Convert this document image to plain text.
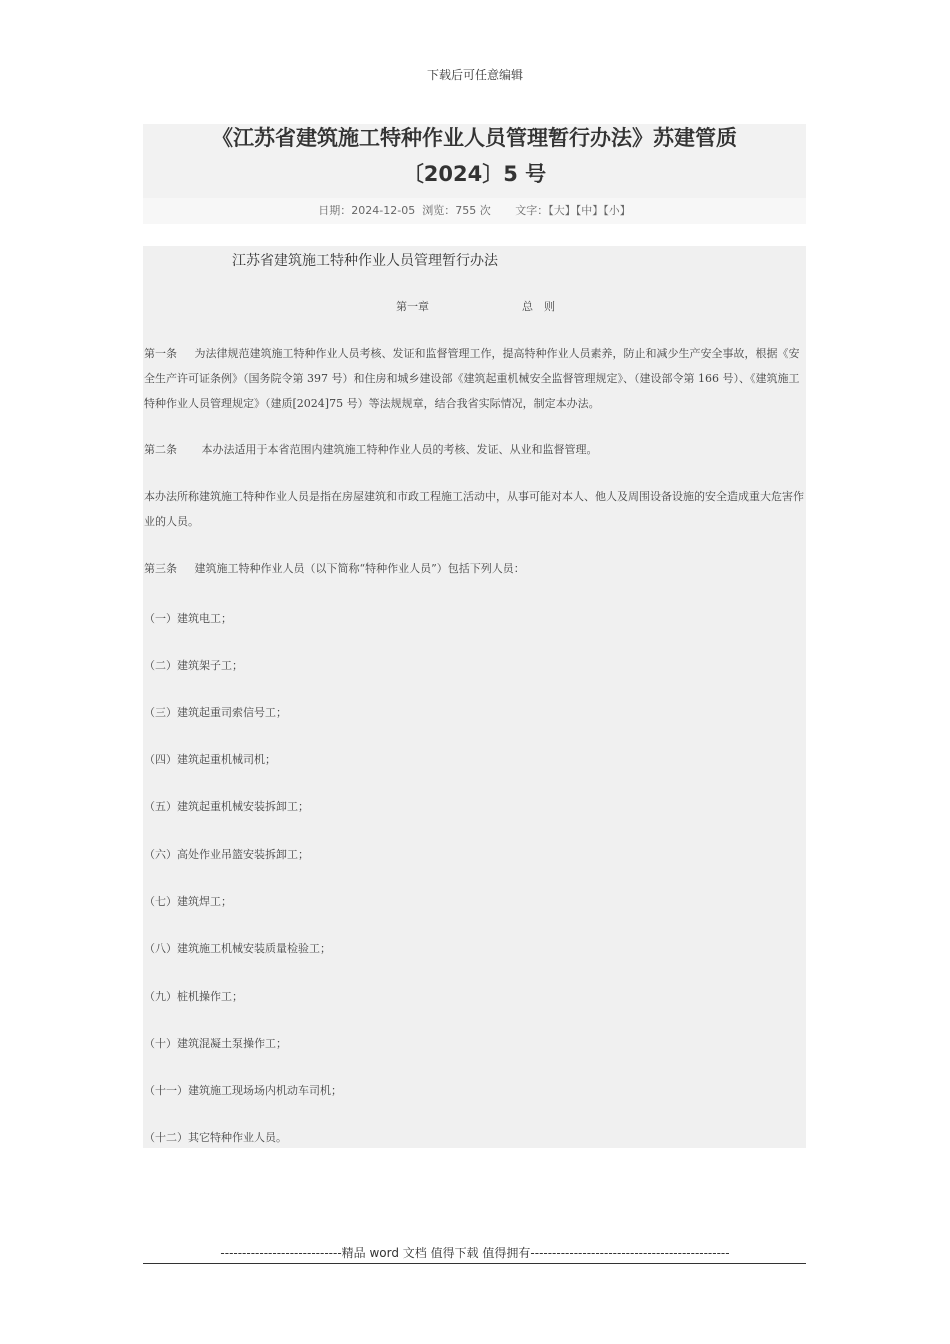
下载后可任意编辑
《江苏省建筑施工特种作业人员管理暂行办法》苏建管质
〔2024〕5 号
日期：2024-12-05 浏览：755 次 文字：【大】【中】【小】
江苏省建筑施工特种作业人员管理暂行办法
第一章	总　则
第一条 为法律规范建筑施工特种作业人员考核、发证和监督管理工作，提高特种作业人员素养，防止和减少生产安全事故，根据《安全生产许可证条例》（国务院令第 397 号）和住房和城乡建设部《建筑起重机械安全监督管理规定》、（建设部令第 166 号）、《建筑施工特种作业人员管理规定》（建质[2024]75 号）等法规规章，结合我省实际情况，制定本办法。
第二条 本办法适用于本省范围内建筑施工特种作业人员的考核、发证、从业和监督管理。
本办法所称建筑施工特种作业人员是指在房屋建筑和市政工程施工活动中，从事可能对本人、他人及周围设备设施的安全造成重大危害作业的人员。
第三条 建筑施工特种作业人员（以下简称“特种作业人员”）包括下列人员：
（一）建筑电工；
（二）建筑架子工；
（三）建筑起重司索信号工；
（四）建筑起重机械司机；
（五）建筑起重机械安装拆卸工；
（六）高处作业吊篮安装拆卸工；
（七）建筑焊工；
（八）建筑施工机械安装质量检验工；
（九）桩机操作工；
（十）建筑混凝土泵操作工；
（十一）建筑施工现场场内机动车司机；
（十二）其它特种作业人员。
----------------------------精品 word 文档 值得下载 值得拥有----------------------------------------------
